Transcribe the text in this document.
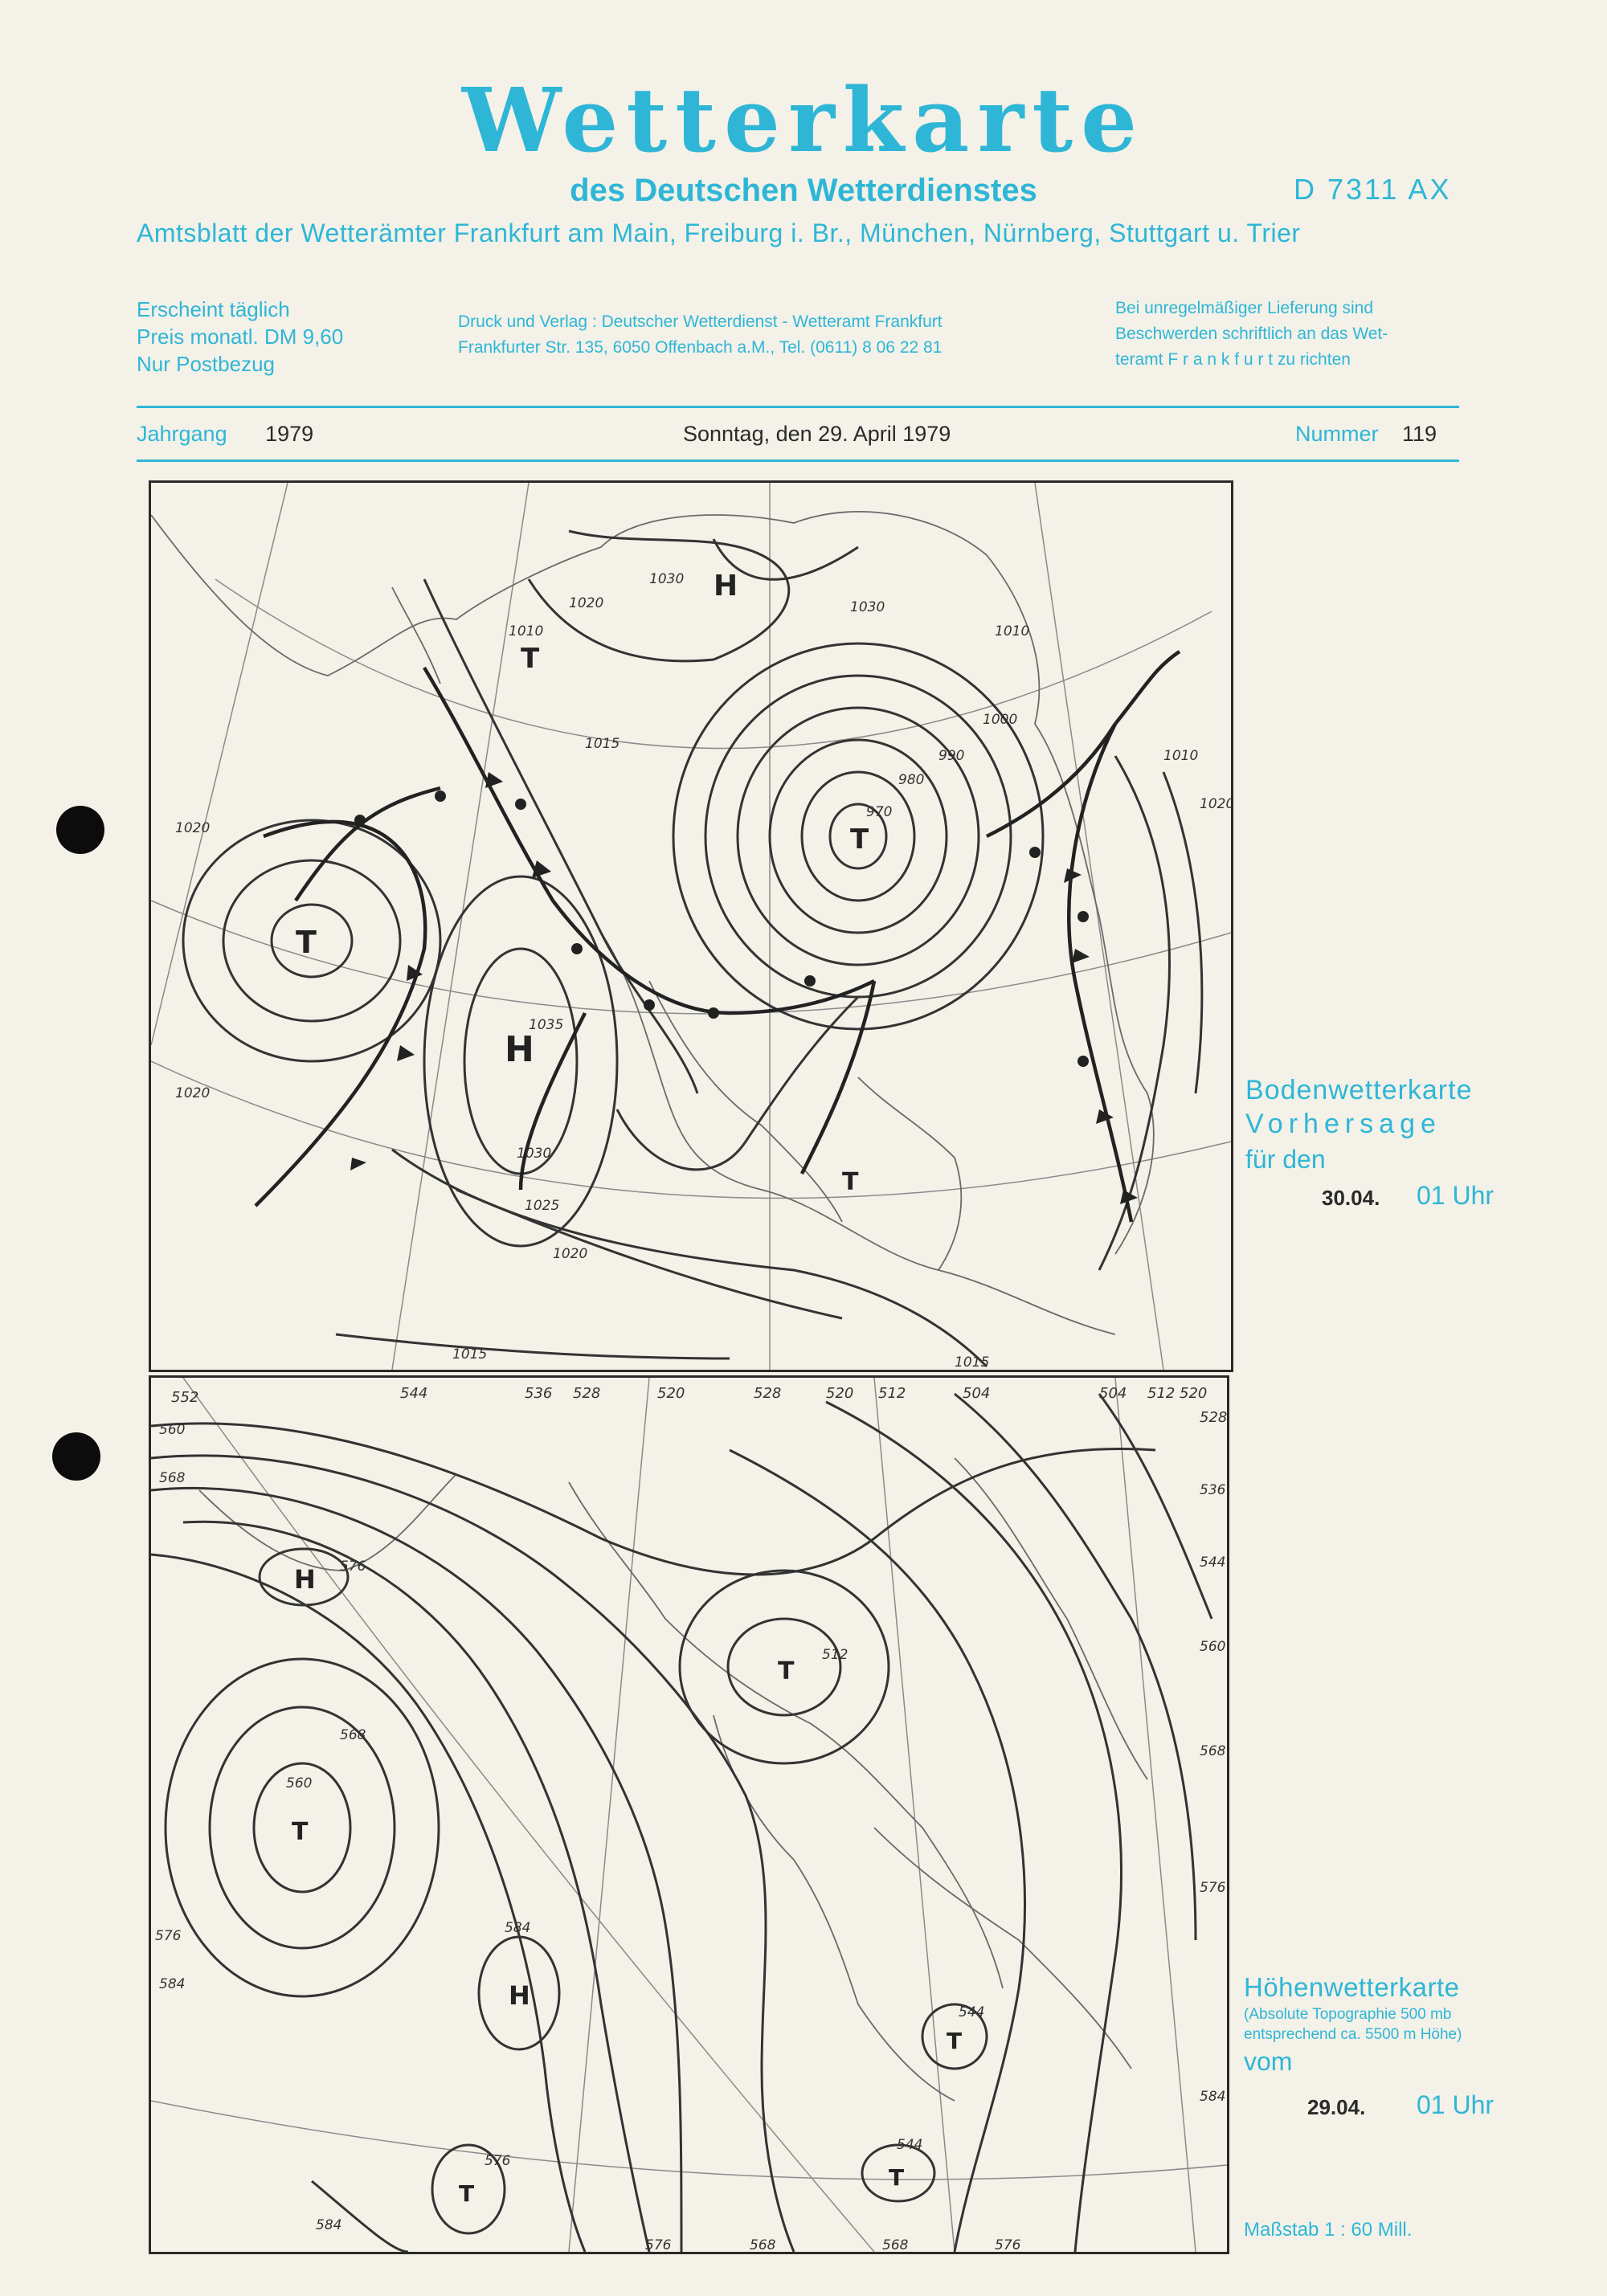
Wetterkarte
des Deutschen Wetterdienstes	D 7311 AX
Amtsblatt der Wetterämter Frankfurt am Main, Freiburg i. Br., München, Nürnberg, Stuttgart u. Trier
Erscheint täglich
Preis monatl. DM 9,60
Nur Postbezug
Druck und Verlag : Deutscher Wetterdienst - Wetteramt Frankfurt
Frankfurter Str. 135, 6050 Offenbach a.M., Tel. (0611) 8 06 22 81
Bei unregelmäßiger Lieferung sind
Beschwerden schriftlich an das Wet-
teramt F r a n k f u r t zu richten
Jahrgang 1979	Sonntag, den 29. April 1979	Nummer 119
H
T
T
H
T
T
1030
1020
1010
1015
1020
1035
1030
1025
1020
1015	1015
1010
1000
990
980
970
1010
1020
1020
1030
Bodenwetterkarte
Vorhersage
für den
30.04. 01 Uhr
H
T
T
H
T
T
T
552	544	536 528	520	528	520 512	504	504 512 520
528
560
568
576
568
560
584
576
584
512
544
544
576
576	568	568	576
584
536
544
560
568
576
584
Höhenwetterkarte
(Absolute Topographie 500 mb
entsprechend ca. 5500 m Höhe)
vom
29.04. 01 Uhr
Maßstab 1 : 60 Mill.
